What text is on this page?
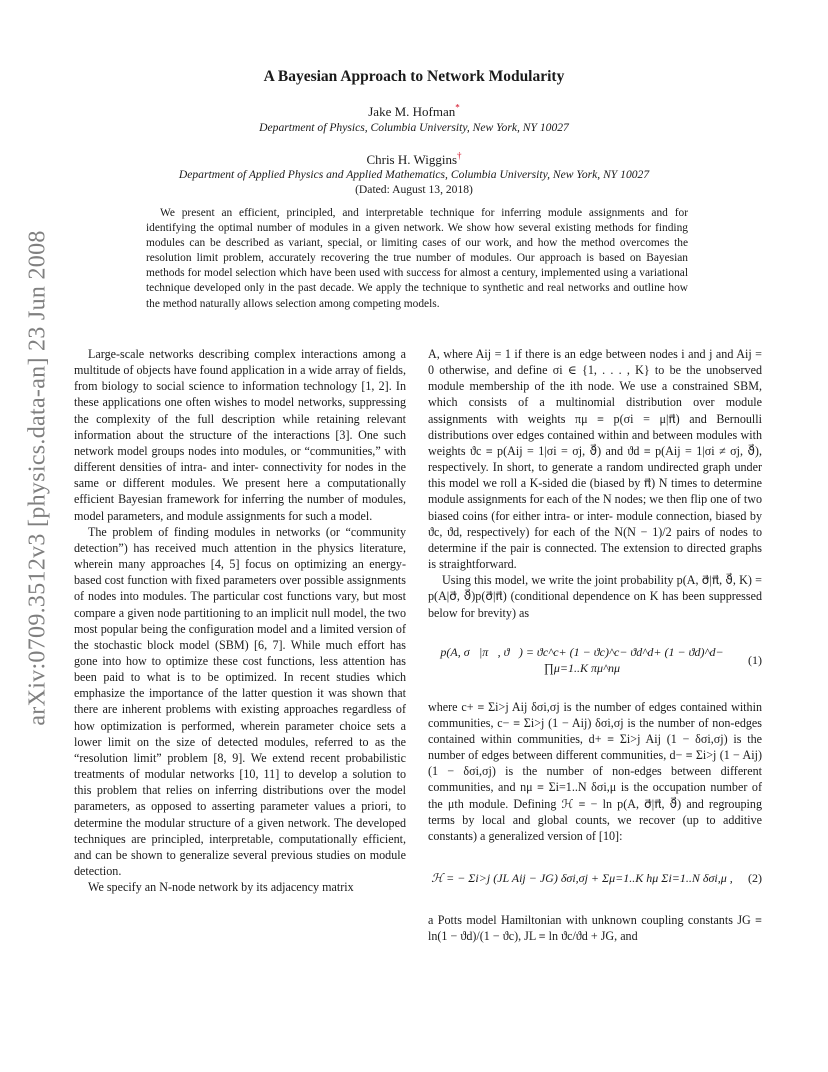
arXiv:0709.3512v3 [physics.data-an] 23 Jun 2008
A Bayesian Approach to Network Modularity
Jake M. Hofman*
Department of Physics, Columbia University, New York, NY 10027
Chris H. Wiggins†
Department of Applied Physics and Applied Mathematics, Columbia University, New York, NY 10027
(Dated: August 13, 2018)
We present an efficient, principled, and interpretable technique for inferring module assignments and for identifying the optimal number of modules in a given network. We show how several existing methods for finding modules can be described as variant, special, or limiting cases of our work, and how the method overcomes the resolution limit problem, accurately recovering the true number of modules. Our approach is based on Bayesian methods for model selection which have been used with success for almost a century, implemented using a variational technique developed only in the past decade. We apply the technique to synthetic and real networks and outline how the method naturally allows selection among competing models.

Large-scale networks describing complex interactions among a multitude of objects have found application in a wide array of fields, from biology to social science to information technology [1, 2]. In these applications one often wishes to model networks, suppressing the complexity of the full description while retaining relevant information about the structure of the interactions [3]. One such network model groups nodes into modules, or “communities,” with different densities of intra- and inter- connectivity for nodes in the same or different modules. We present here a computationally efficient Bayesian framework for inferring the number of modules, model parameters, and module assignments for such a model.

The problem of finding modules in networks (or “community detection”) has received much attention in the physics literature, wherein many approaches [4, 5] focus on optimizing an energy-based cost function with fixed parameters over possible assignments of nodes into modules. The particular cost functions vary, but most compare a given node partitioning to an implicit null model, the two most popular being the configuration model and a limited version of the stochastic block model (SBM) [6, 7]. While much effort has gone into how to optimize these cost functions, less attention has been paid to what is to be optimized. In recent studies which emphasize the importance of the latter question it was shown that there are inherent problems with existing approaches regardless of how optimization is performed, wherein parameter choice sets a lower limit on the size of detected modules, referred to as the “resolution limit” problem [8, 9]. We extend recent probabilistic treatments of modular networks [10, 11] to develop a solution to this problem that relies on inferring distributions over the model parameters, as opposed to asserting parameter values a priori, to determine the modular structure of a given network. The developed techniques are principled, interpretable, computationally efficient, and can be shown to generalize several previous studies on module detection.

We specify an N-node network by its adjacency matrix

A, where Aij = 1 if there is an edge between nodes i and j and Aij = 0 otherwise, and define σi ∈ {1, . . . , K} to be the unobserved module membership of the ith node. We use a constrained SBM, which consists of a multinomial distribution over module assignments with weights πμ ≡ p(σi = μ|π⃗) and Bernoulli distributions over edges contained within and between modules with weights ϑc ≡ p(Aij = 1|σi = σj, ϑ⃗) and ϑd ≡ p(Aij = 1|σi ≠ σj, ϑ⃗), respectively. In short, to generate a random undirected graph under this model we roll a K-sided die (biased by π⃗) N times to determine module assignments for each of the N nodes; we then flip one of two biased coins (for either intra- or inter- module connection, biased by ϑc, ϑd, respectively) for each of the N(N − 1)/2 pairs of nodes to determine if the pair is connected. The extension to directed graphs is straightforward.

Using this model, we write the joint probability p(A, σ⃗|π⃗, ϑ⃗, K) = p(A|σ⃗, ϑ⃗)p(σ⃗|π⃗) (conditional dependence on K has been suppressed below for brevity) as

p(A, σ⃗|π⃗, ϑ⃗) = ϑc^c+ (1 − ϑc)^c− ϑd^d+ (1 − ϑd)^d− ∏μ=1..K πμ^nμ
(1)

where c+ ≡ Σi>j Aij δσi,σj is the number of edges contained within communities, c− ≡ Σi>j (1 − Aij) δσi,σj is the number of non-edges contained within communities, d+ ≡ Σi>j Aij (1 − δσi,σj) is the number of edges between different communities, d− ≡ Σi>j (1 − Aij)(1 − δσi,σj) is the number of non-edges between different communities, and nμ ≡ Σi=1..N δσi,μ is the occupation number of the μth module. Defining ℋ ≡ − ln p(A, σ⃗|π⃗, ϑ⃗) and regrouping terms by local and global counts, we recover (up to additive constants) a generalized version of [10]:

ℋ = − Σi>j (JL Aij − JG) δσi,σj + Σμ=1..K hμ Σi=1..N δσi,μ ,	(2)

a Potts model Hamiltonian with unknown coupling constants JG ≡ ln(1 − ϑd)/(1 − ϑc), JL ≡ ln ϑc/ϑd + JG, and
